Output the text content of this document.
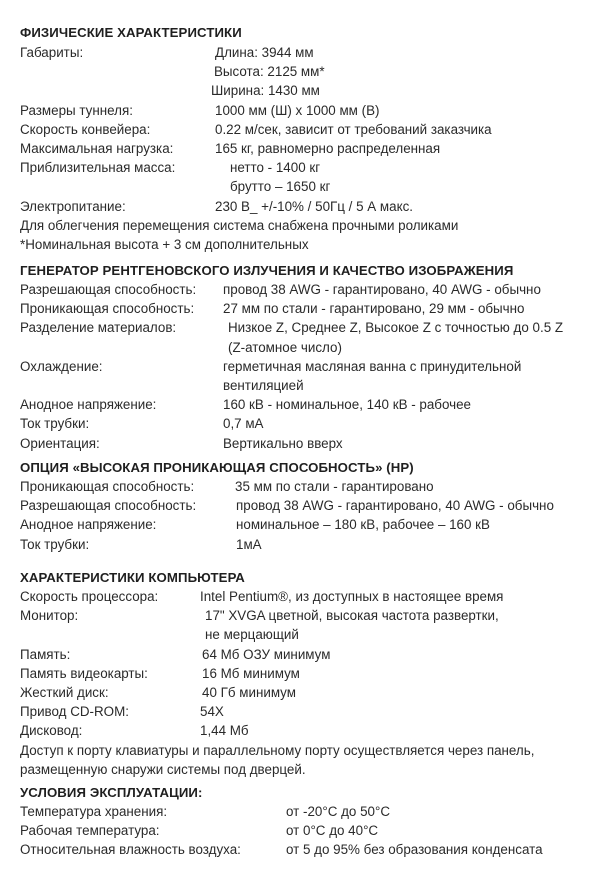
ФИЗИЧЕСКИЕ ХАРАКТЕРИСТИКИ
Габариты:	Длина: 3944 мм
Высота: 2125 мм*
Ширина: 1430 мм
Размеры туннеля:	1000 мм (Ш) х 1000 мм (В)
Скорость конвейера:	0.22 м/сек, зависит от требований заказчика
Максимальная нагрузка:	165 кг, равномерно распределенная
Приблизительная масса:	нетто - 1400 кг
брутто – 1650 кг
Электропитание:	230 В_ +/-10% / 50Гц / 5 А макс.
Для облегчения перемещения система снабжена прочными роликами
*Номинальная высота + 3 см дополнительных
ГЕНЕРАТОР РЕНТГЕНОВСКОГО ИЗЛУЧЕНИЯ И КАЧЕСТВО ИЗОБРАЖЕНИЯ
Разрешающая способность: провод 38 AWG - гарантировано, 40 AWG - обычно
Проникающая способность: 27 мм по стали - гарантировано, 29 мм - обычно
Разделение материалов:	Низкое Z, Среднее Z, Высокое Z с точностью до 0.5 Z
(Z-атомное число)
Охлаждение:	герметичная масляная ванна с принудительной
вентиляцией
Анодное напряжение:	160 кВ - номинальное, 140 кВ - рабочее
Ток трубки:	0,7 мА
Ориентация:	Вертикально вверх
ОПЦИЯ «ВЫСОКАЯ ПРОНИКАЮЩАЯ СПОСОБНОСТЬ» (HP)
Проникающая способность:	35 мм по стали - гарантировано
Разрешающая способность:	провод 38 AWG - гарантировано, 40 AWG - обычно
Анодное напряжение:	номинальное – 180 кВ, рабочее – 160 кВ
Ток трубки:	1мА
ХАРАКТЕРИСТИКИ КОМПЬЮТЕРА
Скорость процессора:	Intel Pentium®, из доступных в настоящее время
Монитор:	17" XVGA цветной, высокая частота развертки,
не мерцающий
Память:	64 Мб ОЗУ минимум
Память видеокарты:	16 Мб минимум
Жесткий диск:	40 Гб минимум
Привод CD-ROM:	54X
Дисковод:	1,44 Мб
Доступ к порту клавиатуры и параллельному порту осуществляется через панель, размещенную снаружи системы под дверцей.
УСЛОВИЯ ЭКСПЛУАТАЦИИ:
Температура хранения:	от -20°С до 50°С
Рабочая температура:	от 0°С до 40°С
Относительная влажность воздуха:	от 5 до 95% без образования конденсата
